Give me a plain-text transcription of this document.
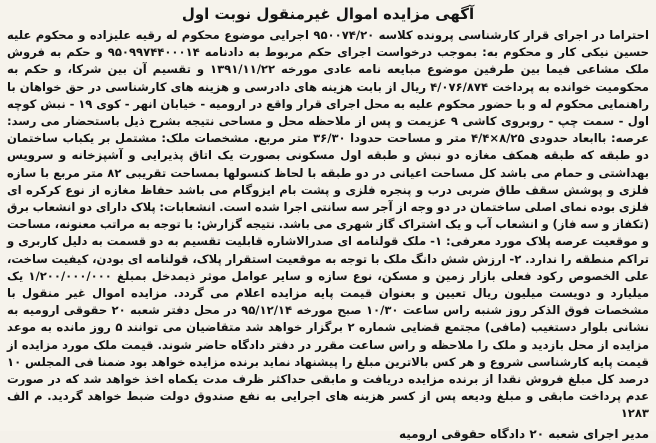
آگهی مزایده اموال غیرمنقول نوبت اول

احتراما در اجرای قرار کارشناسی پرونده کلاسه ۹۵۰۰۷۴/۲۰ اجرایی موضوع محکوم له رقیه علیزاده و محکوم علیه حسین نیکی کار و محکوم به: بموجب درخواست اجرای حکم مربوط به دادنامه ۹۵۰۹۹۷۴۴۰۰۰۱۴ و حکم به فروش ملک مشاعی فیما بین طرفین موضوع مبایعه نامه عادی مورخه ۱۳۹۱/۱۱/۲۲ و تقسیم آن بین شرکا، و حکم به محکومیت خوانده به پرداخت ۴/۰۷۶/۸۷۴ ریال از بابت هزینه های دادرسی و هزینه های کارشناسی در حق خواهان با راهنمایی محکوم له و با حضور محکوم علیه به محل اجرای قرار واقع در ارومیه - خیابان انهر - کوی ۱۹ - نبش کوچه اول - سمت چپ - روبروی کاشی ۹ عزیمت و پس از ملاحظه محل و مساحی نتیجه بشرح ذیل باستحضار می رسد: عرصه: باابعاد حدودی ۸/۲۵×۴/۴ متر و مساحت حدودا ۳۶/۳۰ متر مربع. مشخصات ملک: مشتمل بر یکباب ساختمان دو طبقه که طبقه همکف مغازه دو نبش و طبقه اول مسکونی بصورت یک اتاق پذیرایی و آشپزخانه و سرویس بهداشتی و حمام می باشد کل مساحت اعیانی در دو طبقه با لحاظ کنسولها بمساحت تقریبی ۸۲ متر مربع با سازه فلزی و پوشش سقف طاق ضربی درب و پنجره فلزی و پشت بام ایزوگام می باشد حفاظ مغازه از نوع کرکره ای فلزی بوده نمای اصلی ساختمان در دو وجه از آجر سه سانتی اجرا شده است. انشعابات: پلاک دارای دو انشعاب برق (تکفاز و سه فاز) و انشعاب آب و یک اشتراک گاز شهری می باشد. نتیجه گزارش: با توجه به مراتب معنونه، مساحت و موقعیت عرصه پلاک مورد معرفی: ۱- ملک قولنامه ای صدرالاشاره قابلیت تقسیم به دو قسمت به دلیل کاربری و تراکم منطقه را ندارد. ۲- ارزش شش دانگ ملک با توجه به موقعیت استقرار پلاک، قولنامه ای بودن، کیفیت ساخت، علی الخصوص رکود فعلی بازار زمین و مسکن، نوع سازه و سایر عوامل موثر ذیمدخل بمبلغ ۱/۲۰۰/۰۰۰/۰۰۰ یک میلیارد و دویست میلیون ریال تعیین و بعنوان قیمت پایه مزایده اعلام می گردد. مزایده اموال غیر منقول با مشخصات فوق الذکر روز شنبه راس ساعت ۱۰/۳۰ صبح مورخه ۹۵/۱۲/۱۴ در محل دفتر شعبه ۲۰ حقوقی ارومیه به نشانی بلوار دستغیب (مافی) مجتمع قضایی شماره ۲ برگزار خواهد شد متقاضیان می توانند ۵ روز مانده به موعد مزایده از محل بازدید و ملک را ملاحظه و راس ساعت مقرر در دفتر دادگاه حاضر شوند. قیمت ملک مورد مزایده از قیمت پایه کارشناسی شروع و هر کس بالاترین مبلغ را پیشنهاد نماید برنده مزایده خواهد بود ضمنا فی المجلس ۱۰ درصد کل مبلغ فروش نقدا از برنده مزایده دریافت و مابقی حداکثر ظرف مدت یکماه اخذ خواهد شد که در صورت عدم پرداخت مابقی و مبلغ ودیعه پس از کسر هزینه های اجرایی به نفع صندوق دولت ضبط خواهد گردید. م الف ۱۲۸۳

مدیر اجرای شعبه ۲۰ دادگاه حقوقی ارومیه
